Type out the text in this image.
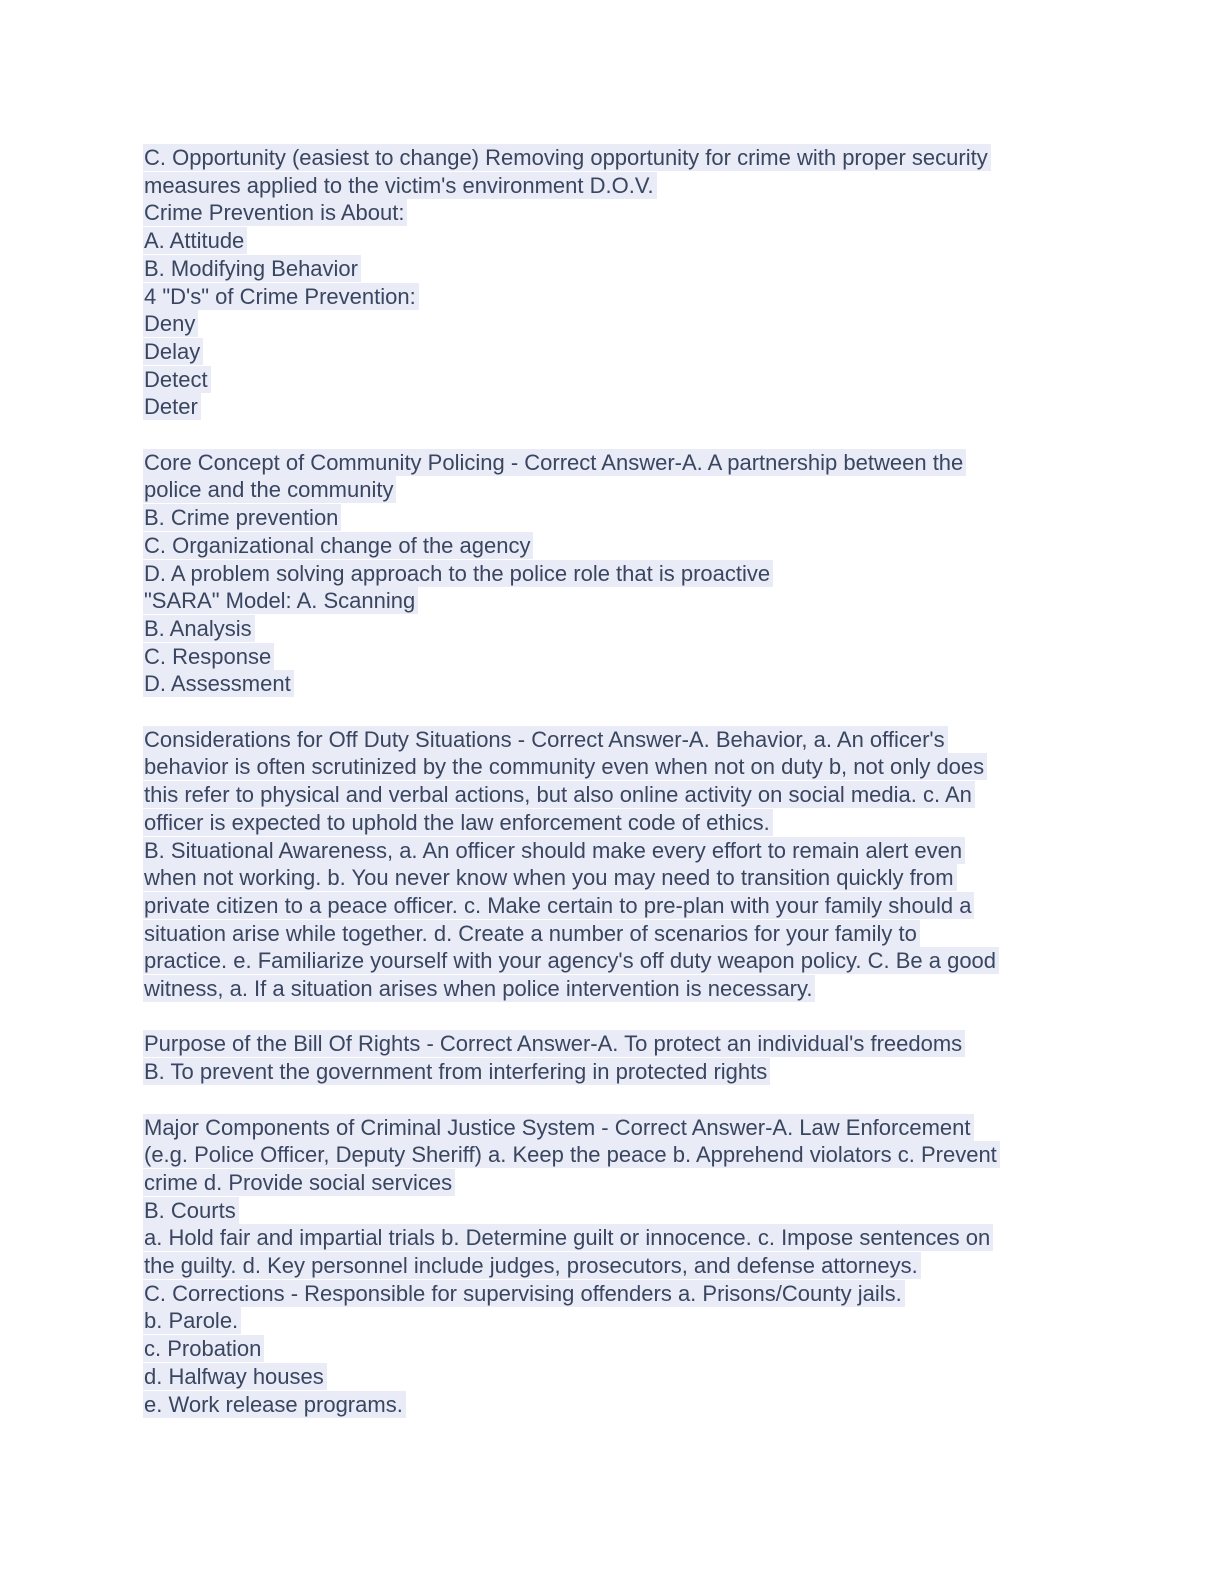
C. Opportunity (easiest to change) Removing opportunity for crime with proper security
measures applied to the victim's environment D.O.V.
Crime Prevention is About:
A. Attitude
B. Modifying Behavior
4 "D's" of Crime Prevention:
Deny
Delay
Detect
Deter
Core Concept of Community Policing - Correct Answer-A. A partnership between the
police and the community
B. Crime prevention
C. Organizational change of the agency
D. A problem solving approach to the police role that is proactive
"SARA" Model: A. Scanning
B. Analysis
C. Response
D. Assessment
Considerations for Off Duty Situations - Correct Answer-A. Behavior, a. An officer's
behavior is often scrutinized by the community even when not on duty b, not only does
this refer to physical and verbal actions, but also online activity on social media. c. An
officer is expected to uphold the law enforcement code of ethics.
B. Situational Awareness, a. An officer should make every effort to remain alert even
when not working. b. You never know when you may need to transition quickly from
private citizen to a peace officer. c. Make certain to pre-plan with your family should a
situation arise while together. d. Create a number of scenarios for your family to
practice. e. Familiarize yourself with your agency's off duty weapon policy. C. Be a good
witness, a. If a situation arises when police intervention is necessary.
Purpose of the Bill Of Rights - Correct Answer-A. To protect an individual's freedoms
B. To prevent the government from interfering in protected rights
Major Components of Criminal Justice System - Correct Answer-A. Law Enforcement
(e.g. Police Officer, Deputy Sheriff) a. Keep the peace b. Apprehend violators c. Prevent
crime d. Provide social services
B. Courts
a. Hold fair and impartial trials b. Determine guilt or innocence. c. Impose sentences on
the guilty. d. Key personnel include judges, prosecutors, and defense attorneys.
C. Corrections - Responsible for supervising offenders a. Prisons/County jails.
b. Parole.
c. Probation
d. Halfway houses
e. Work release programs.
